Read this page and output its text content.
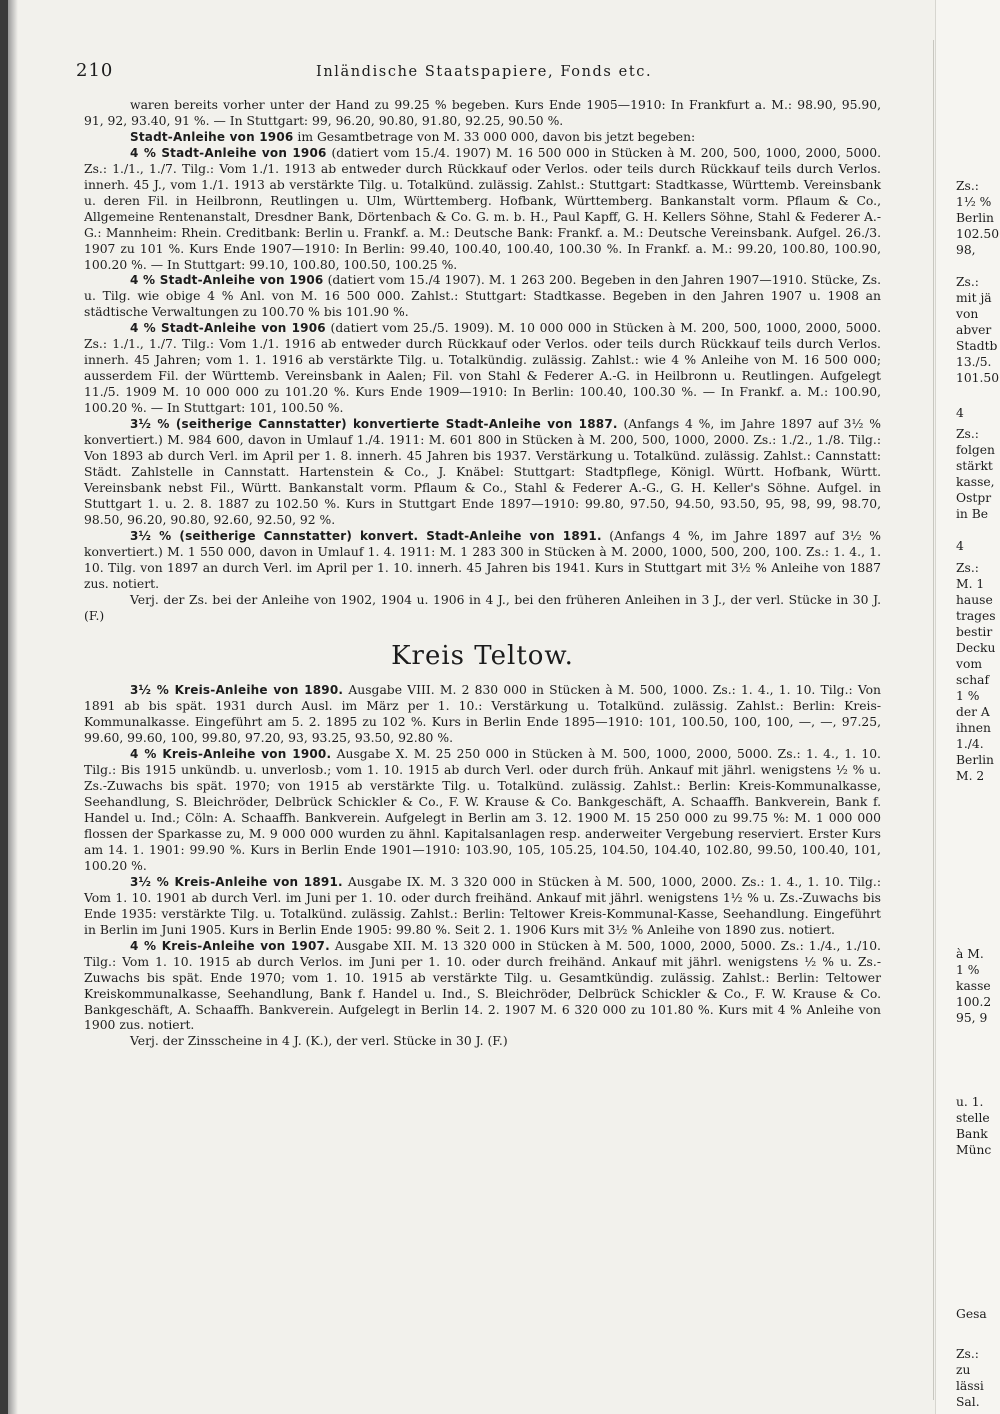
210	Inländische Staatspapiere, Fonds etc.

waren bereits vorher unter der Hand zu 99.25 % begeben. Kurs Ende 1905—1910: In Frankfurt a. M.: 98.90, 95.90, 91, 92, 93.40, 91 %. — In Stuttgart: 99, 96.20, 90.80, 91.80, 92.25, 90.50 %.

Stadt-Anleihe von 1906 im Gesamtbetrage von M. 33 000 000, davon bis jetzt begeben:

4 % Stadt-Anleihe von 1906 (datiert vom 15./4. 1907) M. 16 500 000 in Stücken à M. 200, 500, 1000, 2000, 5000. Zs.: 1./1., 1./7. Tilg.: Vom 1./1. 1913 ab entweder durch Rückkauf oder Verlos. oder teils durch Rückkauf teils durch Verlos. innerh. 45 J., vom 1./1. 1913 ab verstärkte Tilg. u. Totalkünd. zulässig. Zahlst.: Stuttgart: Stadtkasse, Württemb. Vereinsbank u. deren Fil. in Heilbronn, Reutlingen u. Ulm, Württemberg. Hofbank, Württemberg. Bankanstalt vorm. Pflaum & Co., Allgemeine Rentenanstalt, Dresdner Bank, Dörtenbach & Co. G. m. b. H., Paul Kapff, G. H. Kellers Söhne, Stahl & Federer A.-G.: Mannheim: Rhein. Creditbank: Berlin u. Frankf. a. M.: Deutsche Bank: Frankf. a. M.: Deutsche Vereinsbank. Aufgel. 26./3. 1907 zu 101 %. Kurs Ende 1907—1910: In Berlin: 99.40, 100.40, 100.40, 100.30 %. In Frankf. a. M.: 99.20, 100.80, 100.90, 100.20 %. — In Stuttgart: 99.10, 100.80, 100.50, 100.25 %.

4 % Stadt-Anleihe von 1906 (datiert vom 15./4 1907). M. 1 263 200. Begeben in den Jahren 1907—1910. Stücke, Zs. u. Tilg. wie obige 4 % Anl. von M. 16 500 000. Zahlst.: Stuttgart: Stadtkasse. Begeben in den Jahren 1907 u. 1908 an städtische Verwaltungen zu 100.70 % bis 101.90 %.

4 % Stadt-Anleihe von 1906 (datiert vom 25./5. 1909). M. 10 000 000 in Stücken à M. 200, 500, 1000, 2000, 5000. Zs.: 1./1., 1./7. Tilg.: Vom 1./1. 1916 ab entweder durch Rückkauf oder Verlos. oder teils durch Rückkauf teils durch Verlos. innerh. 45 Jahren; vom 1. 1. 1916 ab verstärkte Tilg. u. Totalkündig. zulässig. Zahlst.: wie 4 % Anleihe von M. 16 500 000; ausserdem Fil. der Württemb. Vereinsbank in Aalen; Fil. von Stahl & Federer A.-G. in Heilbronn u. Reutlingen. Aufgelegt 11./5. 1909 M. 10 000 000 zu 101.20 %. Kurs Ende 1909—1910: In Berlin: 100.40, 100.30 %. — In Frankf. a. M.: 100.90, 100.20 %. — In Stuttgart: 101, 100.50 %.

3½ % (seitherige Cannstatter) konvertierte Stadt-Anleihe von 1887. (Anfangs 4 %, im Jahre 1897 auf 3½ % konvertiert.) M. 984 600, davon in Umlauf 1./4. 1911: M. 601 800 in Stücken à M. 200, 500, 1000, 2000. Zs.: 1./2., 1./8. Tilg.: Von 1893 ab durch Verl. im April per 1. 8. innerh. 45 Jahren bis 1937. Verstärkung u. Totalkünd. zulässig. Zahlst.: Cannstatt: Städt. Zahlstelle in Cannstatt. Hartenstein & Co., J. Knäbel: Stuttgart: Stadtpflege, Königl. Württ. Hofbank, Württ. Vereinsbank nebst Fil., Württ. Bankanstalt vorm. Pflaum & Co., Stahl & Federer A.-G., G. H. Keller's Söhne. Aufgel. in Stuttgart 1. u. 2. 8. 1887 zu 102.50 %. Kurs in Stuttgart Ende 1897—1910: 99.80, 97.50, 94.50, 93.50, 95, 98, 99, 98.70, 98.50, 96.20, 90.80, 92.60, 92.50, 92 %.

3½ % (seitherige Cannstatter) konvert. Stadt-Anleihe von 1891. (Anfangs 4 %, im Jahre 1897 auf 3½ % konvertiert.) M. 1 550 000, davon in Umlauf 1. 4. 1911: M. 1 283 300 in Stücken à M. 2000, 1000, 500, 200, 100. Zs.: 1. 4., 1. 10. Tilg. von 1897 an durch Verl. im April per 1. 10. innerh. 45 Jahren bis 1941. Kurs in Stuttgart mit 3½ % Anleihe von 1887 zus. notiert.

Verj. der Zs. bei der Anleihe von 1902, 1904 u. 1906 in 4 J., bei den früheren Anleihen in 3 J., der verl. Stücke in 30 J. (F.)

Kreis Teltow.

3½ % Kreis-Anleihe von 1890. Ausgabe VIII. M. 2 830 000 in Stücken à M. 500, 1000. Zs.: 1. 4., 1. 10. Tilg.: Von 1891 ab bis spät. 1931 durch Ausl. im März per 1. 10.: Verstärkung u. Totalkünd. zulässig. Zahlst.: Berlin: Kreis-Kommunalkasse. Eingeführt am 5. 2. 1895 zu 102 %. Kurs in Berlin Ende 1895—1910: 101, 100.50, 100, 100, —, —, 97.25, 99.60, 99.60, 100, 99.80, 97.20, 93, 93.25, 93.50, 92.80 %.

4 % Kreis-Anleihe von 1900. Ausgabe X. M. 25 250 000 in Stücken à M. 500, 1000, 2000, 5000. Zs.: 1. 4., 1. 10. Tilg.: Bis 1915 unkündb. u. unverlosb.; vom 1. 10. 1915 ab durch Verl. oder durch früh. Ankauf mit jährl. wenigstens ½ % u. Zs.-Zuwachs bis spät. 1970; von 1915 ab verstärkte Tilg. u. Totalkünd. zulässig. Zahlst.: Berlin: Kreis-Kommunalkasse, Seehandlung, S. Bleichröder, Delbrück Schickler & Co., F. W. Krause & Co. Bankgeschäft, A. Schaaffh. Bankverein, Bank f. Handel u. Ind.; Cöln: A. Schaaffh. Bankverein. Aufgelegt in Berlin am 3. 12. 1900 M. 15 250 000 zu 99.75 %: M. 1 000 000 flossen der Sparkasse zu, M. 9 000 000 wurden zu ähnl. Kapitalsanlagen resp. anderweiter Vergebung reserviert. Erster Kurs am 14. 1. 1901: 99.90 %. Kurs in Berlin Ende 1901—1910: 103.90, 105, 105.25, 104.50, 104.40, 102.80, 99.50, 100.40, 101, 100.20 %.

3½ % Kreis-Anleihe von 1891. Ausgabe IX. M. 3 320 000 in Stücken à M. 500, 1000, 2000. Zs.: 1. 4., 1. 10. Tilg.: Vom 1. 10. 1901 ab durch Verl. im Juni per 1. 10. oder durch freihänd. Ankauf mit jährl. wenigstens 1½ % u. Zs.-Zuwachs bis Ende 1935: verstärkte Tilg. u. Totalkünd. zulässig. Zahlst.: Berlin: Teltower Kreis-Kommunal-Kasse, Seehandlung. Eingeführt in Berlin im Juni 1905. Kurs in Berlin Ende 1905: 99.80 %. Seit 2. 1. 1906 Kurs mit 3½ % Anleihe von 1890 zus. notiert.

4 % Kreis-Anleihe von 1907. Ausgabe XII. M. 13 320 000 in Stücken à M. 500, 1000, 2000, 5000. Zs.: 1./4., 1./10. Tilg.: Vom 1. 10. 1915 ab durch Verlos. im Juni per 1. 10. oder durch freihänd. Ankauf mit jährl. wenigstens ½ % u. Zs.-Zuwachs bis spät. Ende 1970; vom 1. 10. 1915 ab verstärkte Tilg. u. Gesamtkündig. zulässig. Zahlst.: Berlin: Teltower Kreiskommunalkasse, Seehandlung, Bank f. Handel u. Ind., S. Bleichröder, Delbrück Schickler & Co., F. W. Krause & Co. Bankgeschäft, A. Schaaffh. Bankverein. Aufgelegt in Berlin 14. 2. 1907 M. 6 320 000 zu 101.80 %. Kurs mit 4 % Anleihe von 1900 zus. notiert.

Verj. der Zinsscheine in 4 J. (K.), der verl. Stücke in 30 J. (F.)

Zs.:
1½ %
Berlin
102.50
98,
Zs.:
mit jä
von
abver
Stadtb
13./5.
101.50
4
Zs.:
folgen
stärkt
kasse,
Ostpr
in Be
4
Zs.:
M. 1
hause
trages
bestir
Decku
vom
schaf
1 %
der A
ihnen
1./4.
Berlin
M. 2
à M.
1 %
kasse
100.2
95, 9
u. 1.
stelle
Bank
Münc
Gesa
Zs.:
zu
lässi
Sal.
